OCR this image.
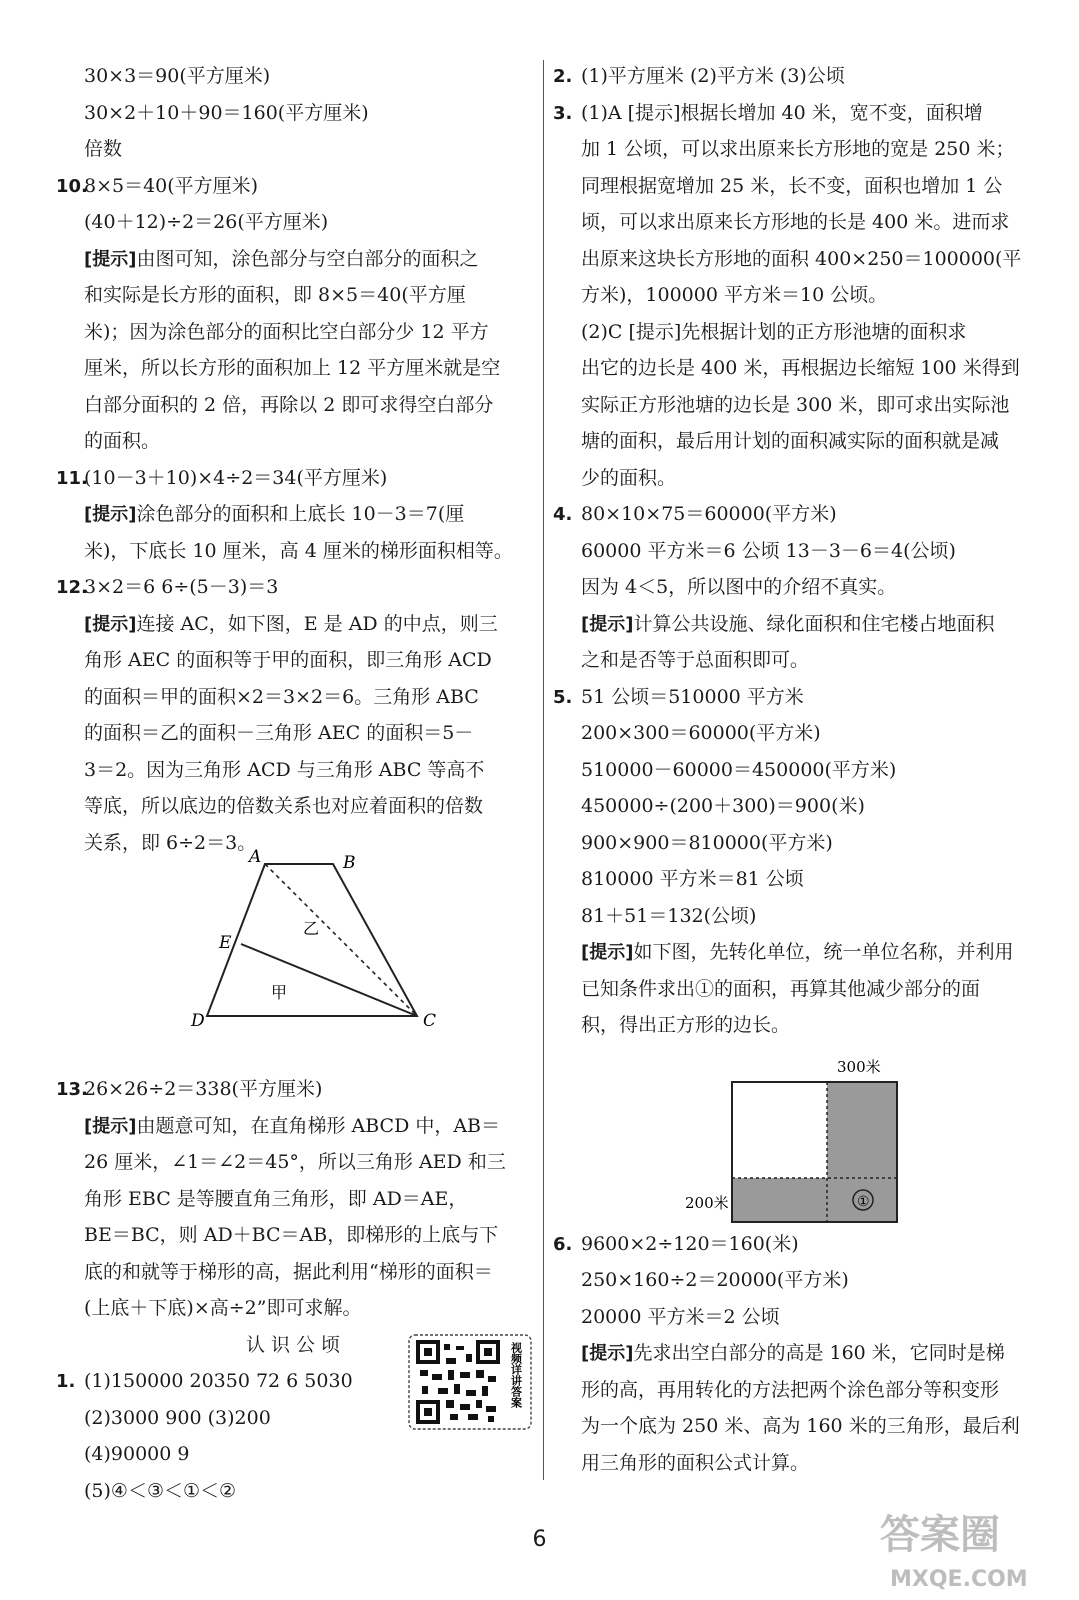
30×3＝90(平方厘米)
30×2＋10＋90＝160(平方厘米)
倍数
10.8×5＝40(平方厘米)
(40＋12)÷2＝26(平方厘米)
[提示]由图可知，涂色部分与空白部分的面积之
和实际是长方形的面积，即 8×5＝40(平方厘
米)；因为涂色部分的面积比空白部分少 12 平方
厘米，所以长方形的面积加上 12 平方厘米就是空
白部分面积的 2 倍，再除以 2 即可求得空白部分
的面积。
11.(10－3＋10)×4÷2＝34(平方厘米)
[提示]涂色部分的面积和上底长 10－3＝7(厘
米)，下底长 10 厘米，高 4 厘米的梯形面积相等。
12.3×2＝6 6÷(5－3)＝3
[提示]连接 AC，如下图，E 是 AD 的中点，则三
角形 AEC 的面积等于甲的面积，即三角形 ACD
的面积＝甲的面积×2＝3×2＝6。三角形 ABC
的面积＝乙的面积－三角形 AEC 的面积＝5－
3＝2。因为三角形 ACD 与三角形 ABC 等高不
等底，所以底边的倍数关系也对应着面积的倍数
关系，即 6÷2＝3。
13.26×26÷2＝338(平方厘米)
[提示]由题意可知，在直角梯形 ABCD 中，AB＝
26 厘米，∠1＝∠2＝45°，所以三角形 AED 和三
角形 EBC 是等腰直角三角形，即 AD＝AE，
BE＝BC，则 AD＋BC＝AB，即梯形的上底与下
底的和就等于梯形的高，据此利用“梯形的面积＝
(上底＋下底)×高÷2”即可求解。
认识公顷
1. (1)150000 20350 72 6 5030
(2)3000 900 (3)200
(4)90000 9
(5)④＜③＜①＜②
2. (1)平方厘米 (2)平方米 (3)公顷
3. (1)A [提示]根据长增加 40 米，宽不变，面积增
加 1 公顷，可以求出原来长方形地的宽是 250 米；
同理根据宽增加 25 米，长不变，面积也增加 1 公
顷，可以求出原来长方形地的长是 400 米。进而求
出原来这块长方形地的面积 400×250＝100000(平
方米)，100000 平方米＝10 公顷。
(2)C [提示]先根据计划的正方形池塘的面积求
出它的边长是 400 米，再根据边长缩短 100 米得到
实际正方形池塘的边长是 300 米，即可求出实际池
塘的面积，最后用计划的面积减实际的面积就是减
少的面积。
4. 80×10×75＝60000(平方米)
60000 平方米＝6 公顷 13－3－6＝4(公顷)
因为 4＜5，所以图中的介绍不真实。
[提示]计算公共设施、绿化面积和住宅楼占地面积
之和是否等于总面积即可。
5. 51 公顷＝510000 平方米
200×300＝60000(平方米)
510000－60000＝450000(平方米)
450000÷(200＋300)＝900(米)
900×900＝810000(平方米)
810000 平方米＝81 公顷
81＋51＝132(公顷)
[提示]如下图，先转化单位，统一单位名称，并利用
已知条件求出①的面积，再算其他减少部分的面
积，得出正方形的边长。
6. 9600×2÷120＝160(米)
250×160÷2＝20000(平方米)
20000 平方米＝2 公顷
[提示]先求出空白部分的高是 160 米，它同时是梯
形的高，再用转化的方法把两个涂色部分等积变形
为一个底为 250 米、高为 160 米的三角形，最后利
用三角形的面积公式计算。
A	B
C
D
E
乙
甲
①
300米
200米
视频详讲答案
6	答案圈
MXQE.COM
